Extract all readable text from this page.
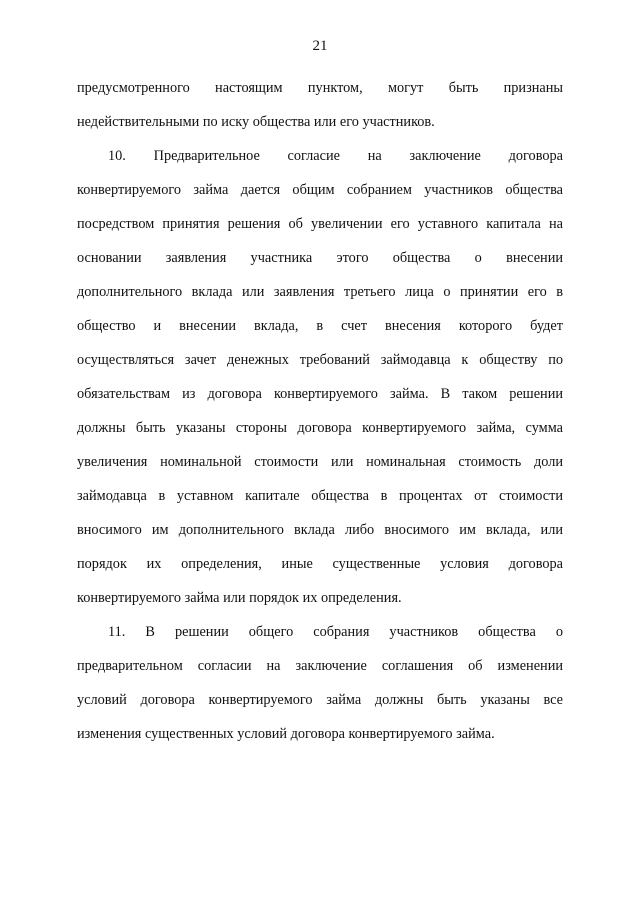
21
предусмотренного настоящим пунктом, могут быть признаны
недействительными по иску общества или его участников.
10. Предварительное согласие на заключение договора
конвертируемого займа дается общим собранием участников общества
посредством принятия решения об увеличении его уставного капитала на
основании заявления участника этого общества о внесении
дополнительного вклада или заявления третьего лица о принятии его в
общество и внесении вклада, в счет внесения которого будет
осуществляться зачет денежных требований займодавца к обществу по
обязательствам из договора конвертируемого займа. В таком решении
должны быть указаны стороны договора конвертируемого займа, сумма
увеличения номинальной стоимости или номинальная стоимость доли
займодавца в уставном капитале общества в процентах от стоимости
вносимого им дополнительного вклада либо вносимого им вклада, или
порядок их определения, иные существенные условия договора
конвертируемого займа или порядок их определения.
11. В решении общего собрания участников общества о
предварительном согласии на заключение соглашения об изменении
условий договора конвертируемого займа должны быть указаны все
изменения существенных условий договора конвертируемого займа.
